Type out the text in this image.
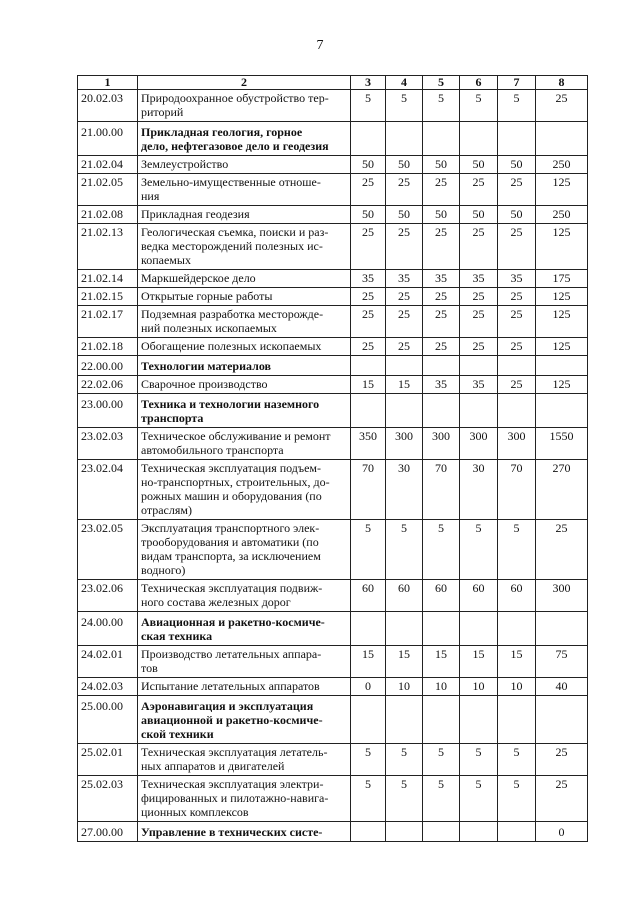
7
1	2	3	4	5	6	7	8
20.02.03	Природоохранное обустройство тер-
риторий	5	5	5	5	5	25
21.00.00	Прикладная геология, горное
дело, нефтегазовое дело и геодезия						
21.02.04	Землеустройство	50	50	50	50	50	250
21.02.05	Земельно-имущественные отноше-
ния	25	25	25	25	25	125
21.02.08	Прикладная геодезия	50	50	50	50	50	250
21.02.13	Геологическая съемка, поиски и раз-
ведка месторождений полезных ис-
копаемых	25	25	25	25	25	125
21.02.14	Маркшейдерское дело	35	35	35	35	35	175
21.02.15	Открытые горные работы	25	25	25	25	25	125
21.02.17	Подземная разработка месторожде-
ний полезных ископаемых	25	25	25	25	25	125
21.02.18	Обогащение полезных ископаемых	25	25	25	25	25	125
22.00.00	Технологии материалов						
22.02.06	Сварочное производство	15	15	35	35	25	125
23.00.00	Техника и технологии наземного
транспорта						
23.02.03	Техническое обслуживание и ремонт
автомобильного транспорта	350	300	300	300	300	1550
23.02.04	Техническая эксплуатация подъем-
но-транспортных, строительных, до-
рожных машин и оборудования (по
отраслям)	70	30	70	30	70	270
23.02.05	Эксплуатация транспортного элек-
трооборудования и автоматики (по
видам транспорта, за исключением
водного)	5	5	5	5	5	25
23.02.06	Техническая эксплуатация подвиж-
ного состава железных дорог	60	60	60	60	60	300
24.00.00	Авиационная и ракетно-космиче-
ская техника						
24.02.01	Производство летательных аппара-
тов	15	15	15	15	15	75
24.02.03	Испытание летательных аппаратов	0	10	10	10	10	40
25.00.00	Аэронавигация и эксплуатация
авиационной и ракетно-космиче-
ской техники						
25.02.01	Техническая эксплуатация летатель-
ных аппаратов и двигателей	5	5	5	5	5	25
25.02.03	Техническая эксплуатация электри-
фицированных и пилотажно-навига-
ционных комплексов	5	5	5	5	5	25
27.00.00	Управление в технических систе-						0
